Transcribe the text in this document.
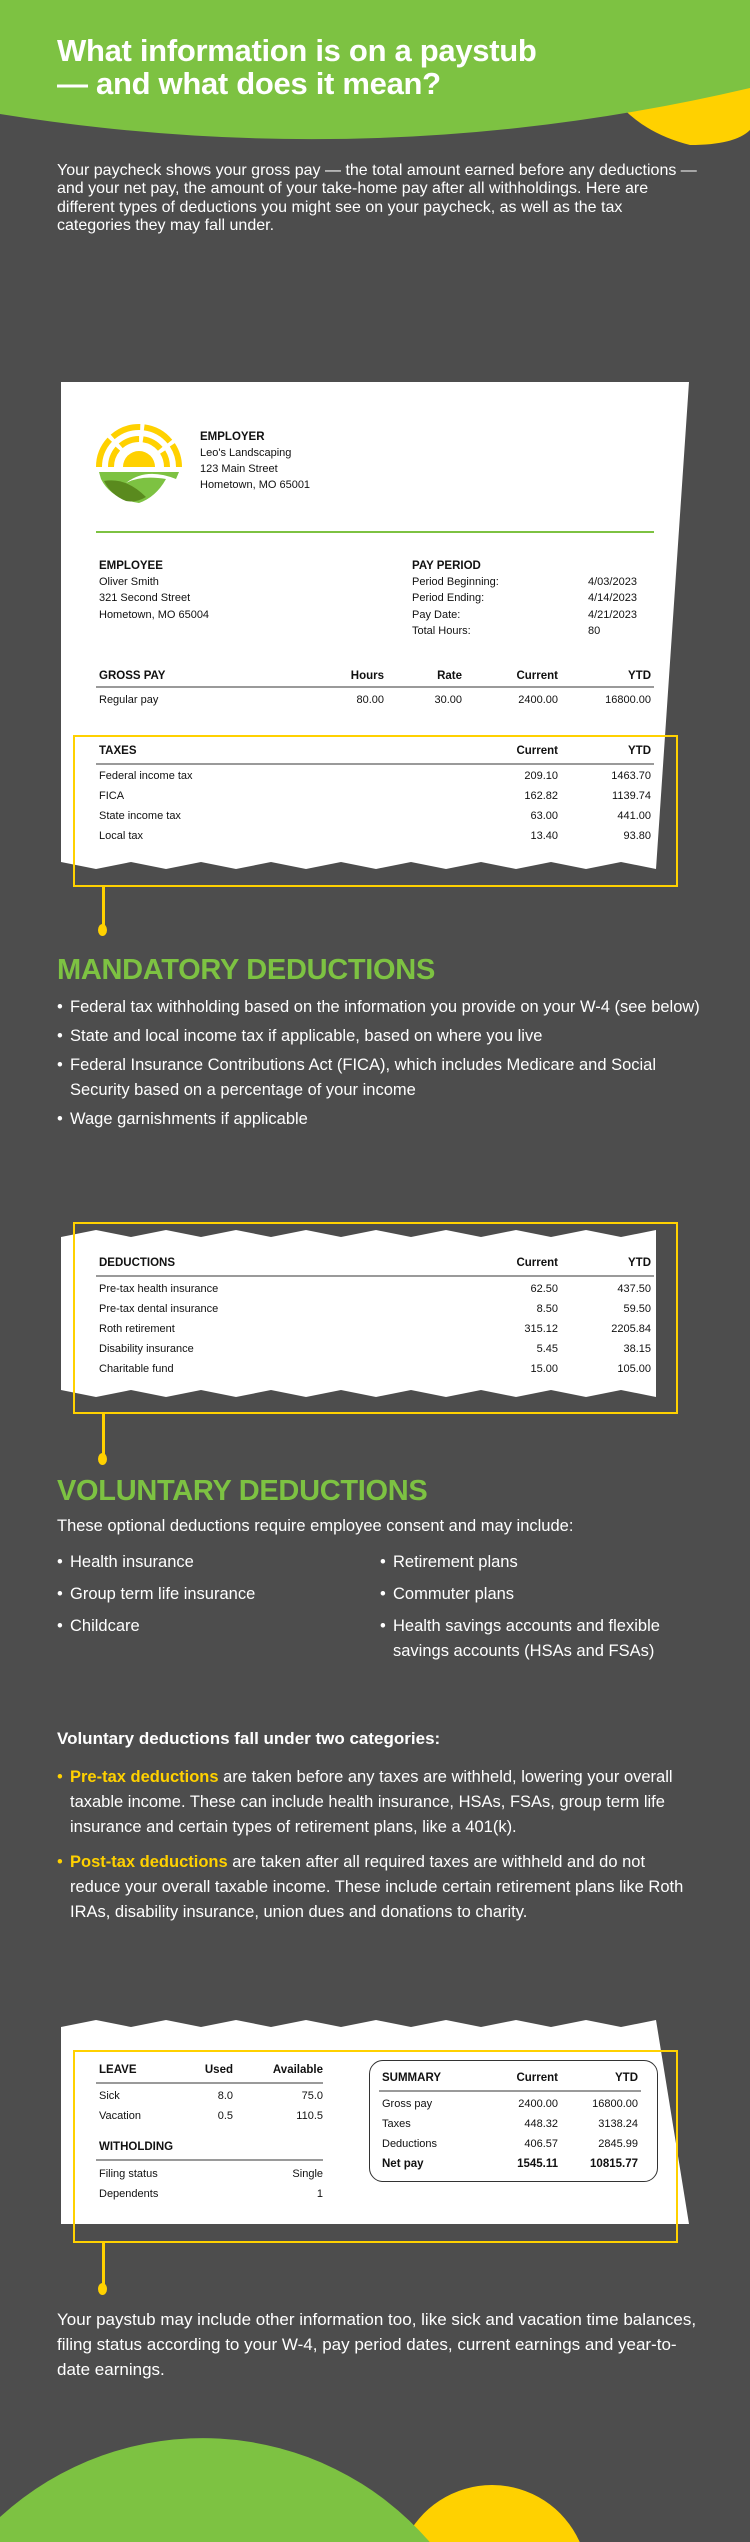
What information is on a paystub
— and what does it mean?

Your paycheck shows your gross pay — the total amount earned before any deductions — and your net pay, the amount of your take-home pay after all withholdings. Here are different types of deductions you might see on your paycheck, as well as the tax categories they may fall under.

EMPLOYER
Leo's Landscaping
123 Main Street
Hometown, MO 65001
EMPLOYEE
Oliver Smith
321 Second Street
Hometown, MO 65004
PAY PERIOD
Period Beginning:	4/03/2023
Period Ending:	4/14/2023
Pay Date:	4/21/2023
Total Hours:	80
GROSS PAY	Hours	Rate	Current	YTD
Regular pay	80.00	30.00	2400.00	16800.00
TAXES	Current	YTD
Federal income tax	209.10	1463.70
FICA	162.82	1139.74
State income tax	63.00	441.00
Local tax	13.40	93.80
MANDATORY DEDUCTIONS
• Federal tax withholding based on the information you provide on your W-4 (see below)
• State and local income tax if applicable, based on where you live
• Federal Insurance Contributions Act (FICA), which includes Medicare and Social Security based on a percentage of your income
• Wage garnishments if applicable
DEDUCTIONS	Current	YTD
Pre-tax health insurance	62.50	437.50
Pre-tax dental insurance	8.50	59.50
Roth retirement	315.12	2205.84
Disability insurance	5.45	38.15
Charitable fund	15.00	105.00
VOLUNTARY DEDUCTIONS

These optional deductions require employee consent and may include:

• Health insurance
• Group term life insurance
• Childcare
• Retirement plans
• Commuter plans
• Health savings accounts and flexible savings accounts (HSAs and FSAs)
Voluntary deductions fall under two categories:
• Pre-tax deductions are taken before any taxes are withheld, lowering your overall taxable income. These can include health insurance, HSAs, FSAs, group term life insurance and certain types of retirement plans, like a 401(k).
• Post-tax deductions are taken after all required taxes are withheld and do not reduce your overall taxable income. These include certain retirement plans like Roth IRAs, disability insurance, union dues and donations to charity.
LEAVE	Used	Available
Sick	8.0	75.0
Vacation	0.5	110.5
WITHOLDING
Filing status	Single
Dependents	1
SUMMARY	Current	YTD
Gross pay	2400.00	16800.00
Taxes	448.32	3138.24
Deductions	406.57	2845.99
Net pay	1545.11	10815.77

Your paystub may include other information too, like sick and vacation time balances, filing status according to your W-4, pay period dates, current earnings and year-to-date earnings.
